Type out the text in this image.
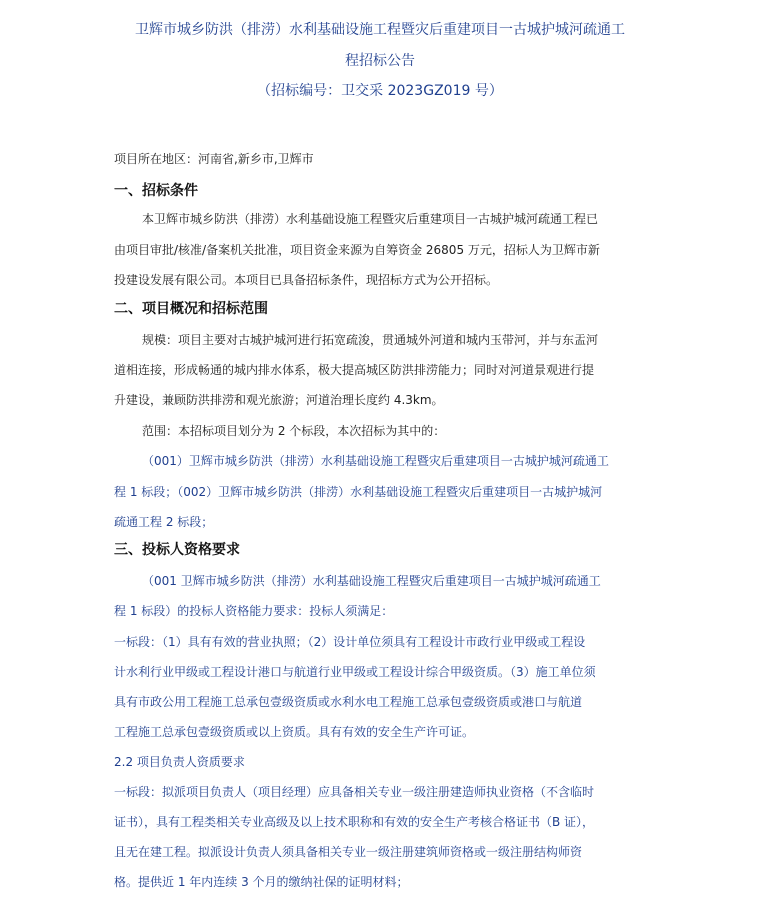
卫辉市城乡防洪（排涝）水利基础设施工程暨灾后重建项目一古城护城河疏通工
程招标公告
（招标编号：卫交采 2023GZ019 号）
项目所在地区：河南省,新乡市,卫辉市
一、招标条件
本卫辉市城乡防洪（排涝）水利基础设施工程暨灾后重建项目一古城护城河疏通工程已
由项目审批/核准/备案机关批准，项目资金来源为自筹资金 26805 万元，招标人为卫辉市新
投建设发展有限公司。本项目已具备招标条件，现招标方式为公开招标。
二、项目概况和招标范围
规模：项目主要对古城护城河进行拓宽疏浚，贯通城外河道和城内玉带河，并与东盂河
道相连接，形成畅通的城内排水体系，极大提高城区防洪排涝能力；同时对河道景观进行提
升建设，兼顾防洪排涝和观光旅游；河道治理长度约 4.3km。
范围：本招标项目划分为 2 个标段，本次招标为其中的：
（001）卫辉市城乡防洪（排涝）水利基础设施工程暨灾后重建项目一古城护城河疏通工
程 1 标段；（002）卫辉市城乡防洪（排涝）水利基础设施工程暨灾后重建项目一古城护城河
疏通工程 2 标段；
三、投标人资格要求
（001 卫辉市城乡防洪（排涝）水利基础设施工程暨灾后重建项目一古城护城河疏通工
程 1 标段）的投标人资格能力要求：投标人须满足：
一标段：（1）具有有效的营业执照；（2）设计单位须具有工程设计市政行业甲级或工程设
计水利行业甲级或工程设计港口与航道行业甲级或工程设计综合甲级资质。（3）施工单位须
具有市政公用工程施工总承包壹级资质或水利水电工程施工总承包壹级资质或港口与航道
工程施工总承包壹级资质或以上资质。具有有效的安全生产许可证。
2.2 项目负责人资质要求
一标段：拟派项目负责人（项目经理）应具备相关专业一级注册建造师执业资格（不含临时
证书），具有工程类相关专业高级及以上技术职称和有效的安全生产考核合格证书（B 证），
且无在建工程。拟派设计负责人须具备相关专业一级注册建筑师资格或一级注册结构师资
格。提供近 1 年内连续 3 个月的缴纳社保的证明材料；
